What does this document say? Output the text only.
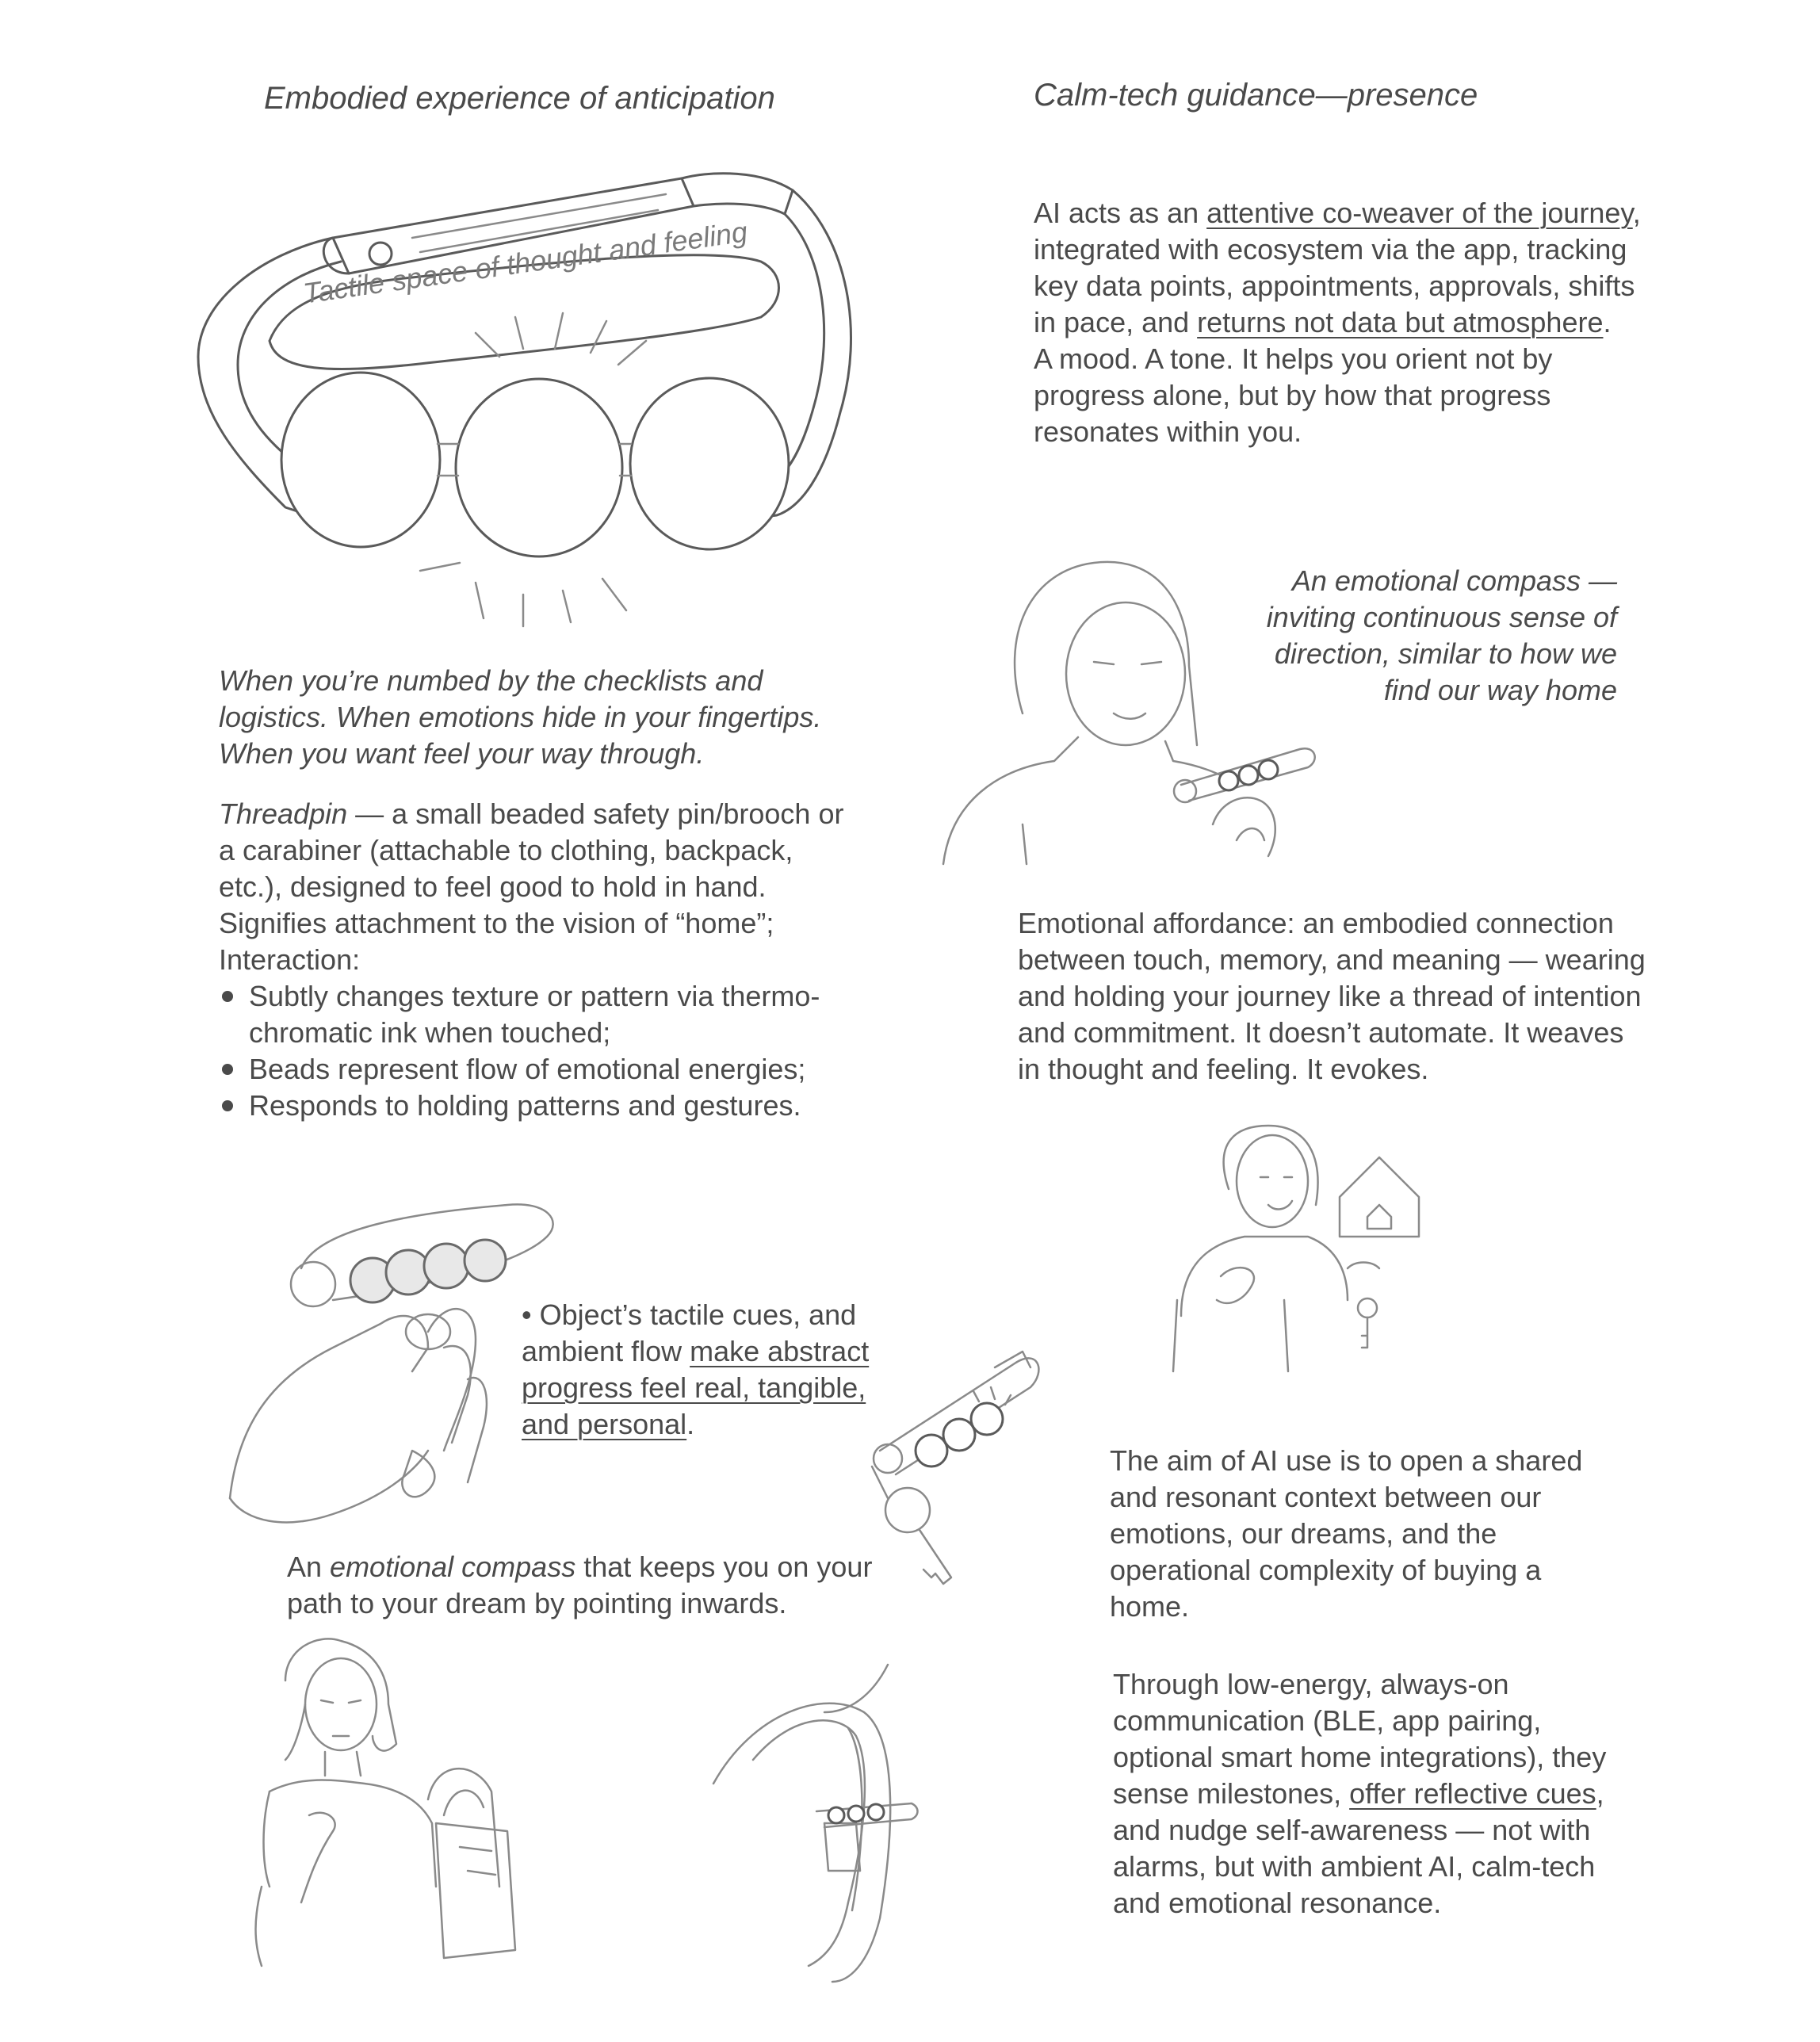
Embodied experience of anticipation
Tactile space of thought and feeling
When you’re numbed by the checklists and
logistics. When emotions hide in your fingertips.
When you want feel your way through.
Threadpin — a small beaded safety pin/brooch or a carabiner (attachable to clothing, backpack, etc.), designed to feel good to hold in hand.
Signifies attachment to the vision of “home”;
Interaction:
Subtly changes texture or pattern via thermo-chromatic ink when touched;
Beads represent flow of emotional energies;
Responds to holding patterns and gestures.
• Object’s tactile cues, and ambient flow make abstract progress feel real, tangible, and personal.
An emotional compass that keeps you on your path to your dream by pointing inwards.
Calm-tech guidance—presence
AI acts as an attentive co-weaver of the journey, integrated with ecosystem via the app, tracking key data points, appointments, approvals, shifts in pace, and returns not data but atmosphere.
A mood. A tone. It helps you orient not by progress alone, but by how that progress resonates within you.
An emotional compass —
inviting continuous sense of
direction, similar to how we
find our way home
Emotional affordance: an embodied connection between touch, memory, and meaning — wearing and holding your journey like a thread of intention and commitment. It doesn’t automate. It weaves in thought and feeling. It evokes.
The aim of AI use is to open a shared and resonant context between our emotions, our dreams, and the operational complexity of buying a home.
Through low-energy, always-on communication (BLE, app pairing, optional smart home integrations), they sense milestones, offer reflective cues, and nudge self-awareness — not with alarms, but with ambient AI, calm-tech and emotional resonance.
